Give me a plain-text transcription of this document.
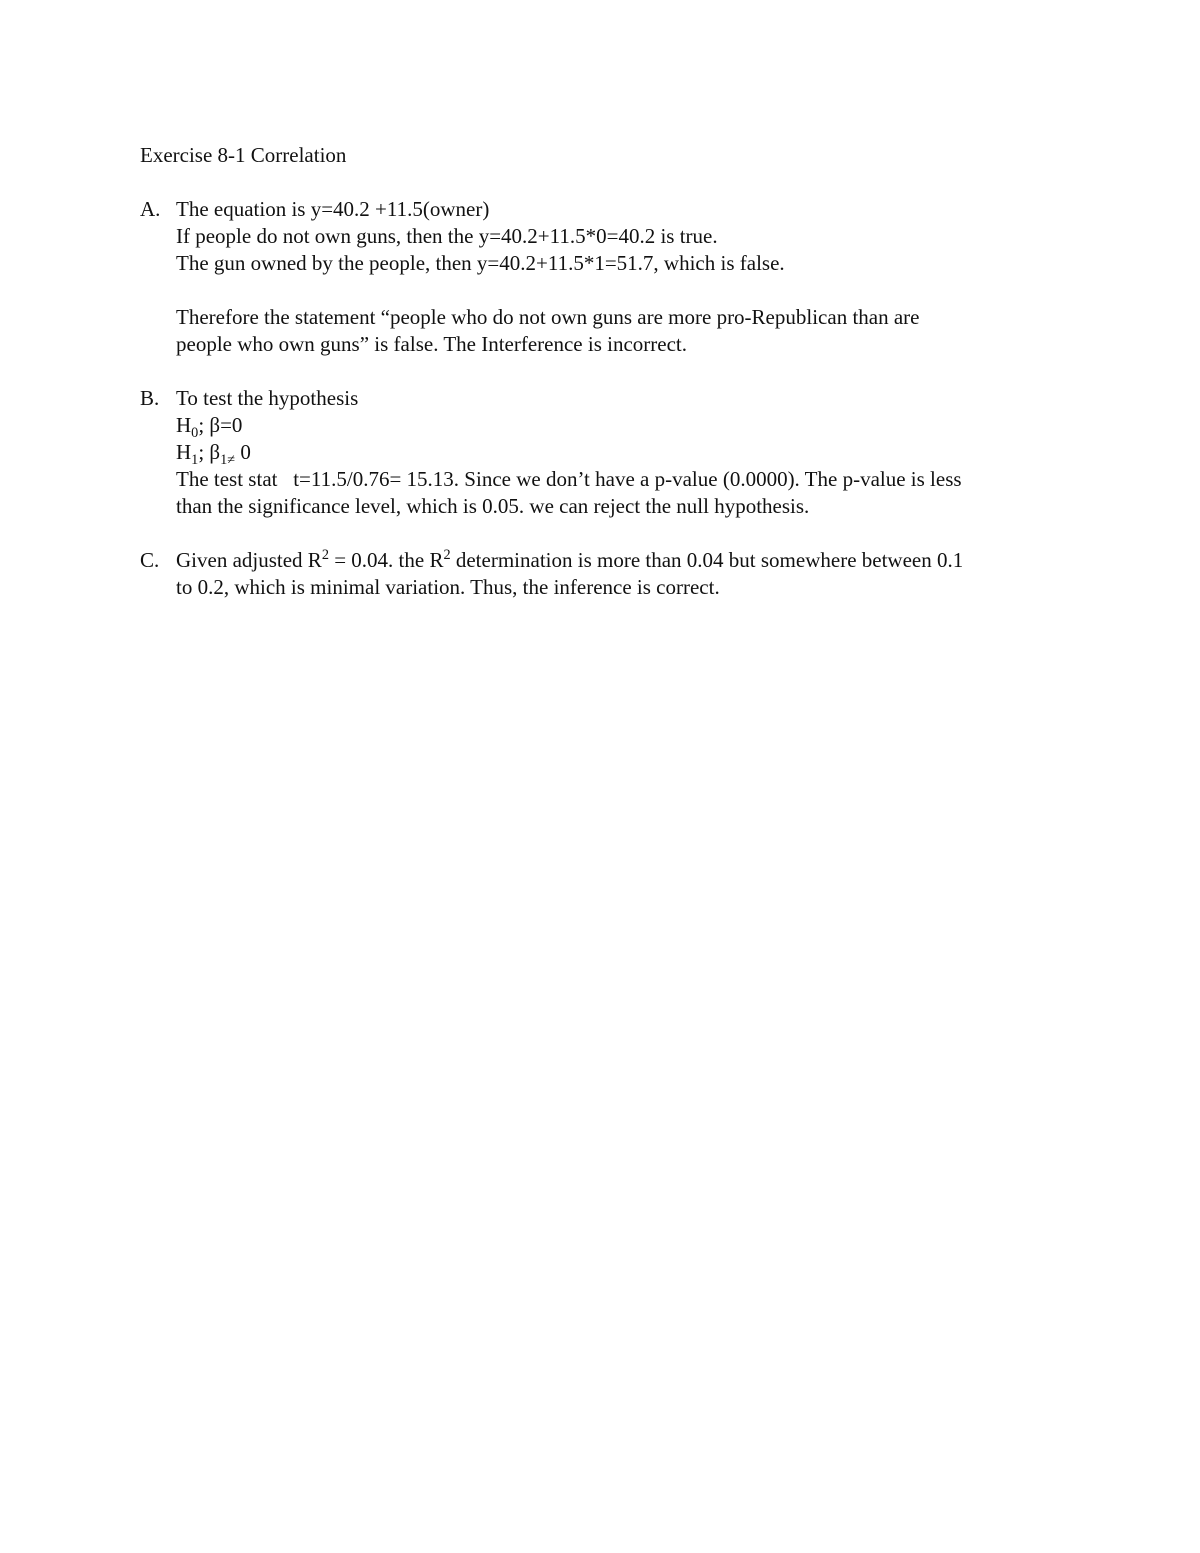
Exercise 8-1 Correlation
A. The equation is y=40.2 +11.5(owner)
If people do not own guns, then the y=40.2+11.5*0=40.2 is true.
The gun owned by the people, then y=40.2+11.5*1=51.7, which is false.
Therefore the statement “people who do not own guns are more pro-Republican than are
people who own guns” is false. The Interference is incorrect.
B. To test the hypothesis
$H_0$; β=0
$H_1$; $\beta_{1\ne}$ 0
The test stat   t=11.5/0.76= 15.13. Since we don’t have a p-value (0.0000). The p-value is less
than the significance level, which is 0.05. we can reject the null hypothesis.
C. Given adjusted $R^2 = 0.04$. the $R^2$ determination is more than 0.04 but somewhere between 0.1
to 0.2, which is minimal variation. Thus, the inference is correct.
